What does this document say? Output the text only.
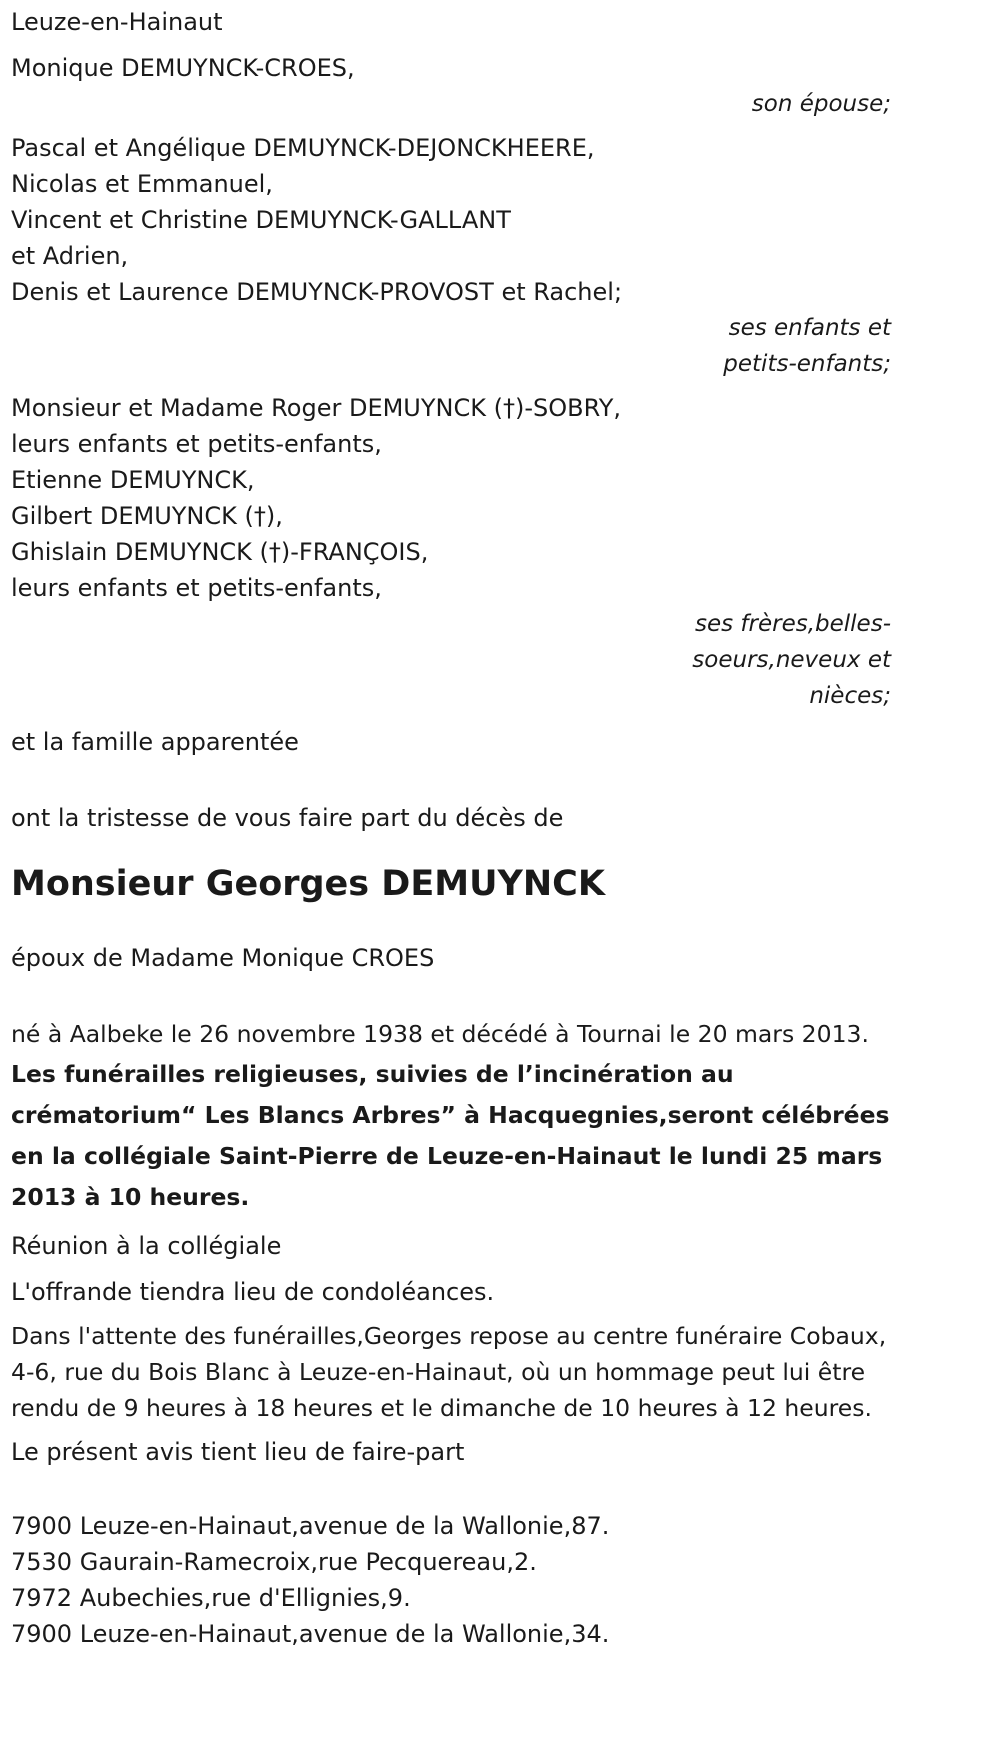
Leuze-en-Hainaut
Monique DEMUYNCK-CROES,
son épouse;
Pascal et Angélique DEMUYNCK-DEJONCKHEERE,
Nicolas et Emmanuel,
Vincent et Christine DEMUYNCK-GALLANT
et Adrien,
Denis et Laurence DEMUYNCK-PROVOST et Rachel;
ses enfants et petits-enfants;
Monsieur et Madame Roger DEMUYNCK (†)-SOBRY,
leurs enfants et petits-enfants,
Etienne DEMUYNCK,
Gilbert DEMUYNCK (†),
Ghislain DEMUYNCK (†)-FRANÇOIS,
leurs enfants et petits-enfants,
ses frères,belles-soeurs,neveux et nièces;
et la famille apparentée
ont la tristesse de vous faire part du décès de
Monsieur Georges DEMUYNCK
époux de Madame Monique CROES
né à Aalbeke le 26 novembre 1938 et décédé à Tournai le 20 mars 2013.
Les funérailles religieuses, suivies de l’incinération au crématorium“ Les Blancs Arbres” à Hacquegnies,seront célébrées en la collégiale Saint-Pierre de Leuze-en-Hainaut le lundi 25 mars 2013 à 10 heures.
Réunion à la collégiale
L'offrande tiendra lieu de condoléances.
Dans l'attente des funérailles,Georges repose au centre funéraire Cobaux, 4-6, rue du Bois Blanc à Leuze-en-Hainaut, où un hommage peut lui être rendu de 9 heures à 18 heures et le dimanche de 10 heures à 12 heures.
Le présent avis tient lieu de faire-part
7900 Leuze-en-Hainaut,avenue de la Wallonie,87.
7530 Gaurain-Ramecroix,rue Pecquereau,2.
7972 Aubechies,rue d'Ellignies,9.
7900 Leuze-en-Hainaut,avenue de la Wallonie,34.
